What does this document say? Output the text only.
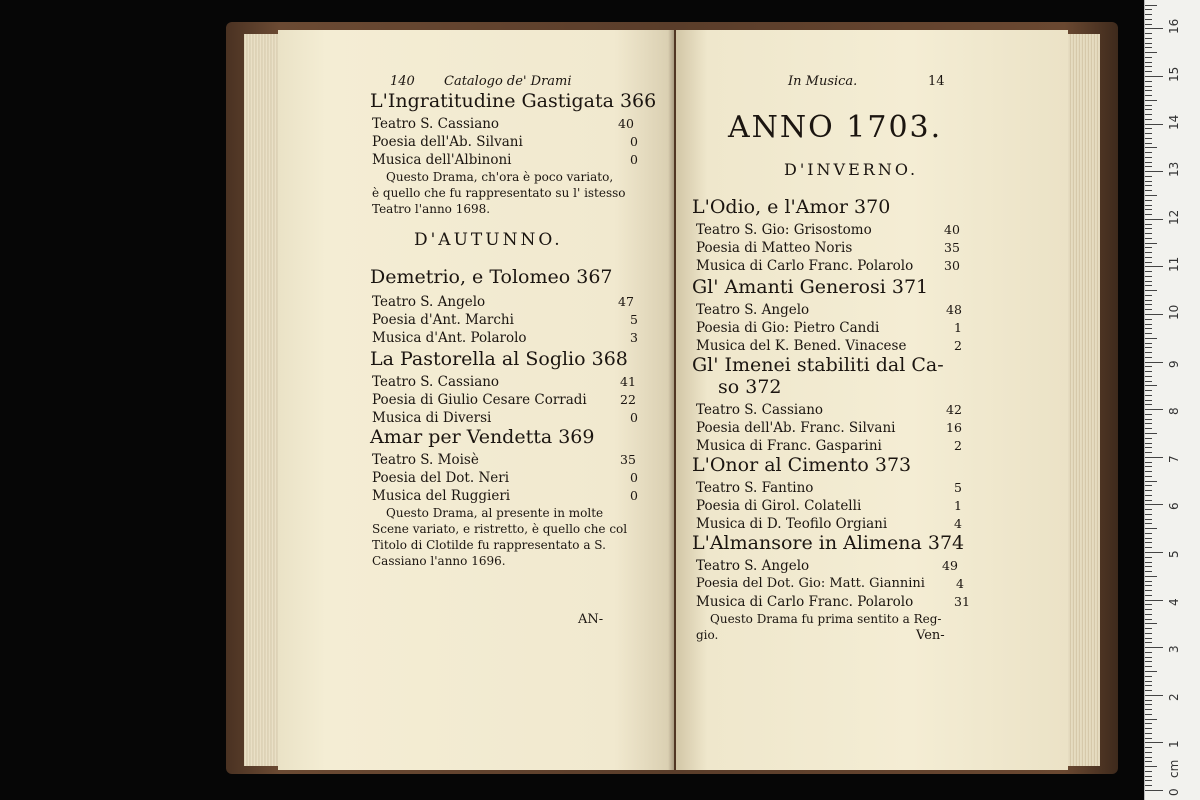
140 Catalogo de' Drami
L'Ingratitudine Gastigata 366
Teatro S. Cassiano	40
Poesia dell'Ab. Silvani	0
Musica dell'Albinoni	0
Questo Drama, ch'ora è poco variato,
è quello che fu rappresentato su l' istesso
Teatro l'anno 1698.
D'AUTUNNO.
Demetrio, e Tolomeo 367
Teatro S. Angelo	47
Poesia d'Ant. Marchi	5
Musica d'Ant. Polarolo	3
La Pastorella al Soglio 368
Teatro S. Cassiano	41
Poesia di Giulio Cesare Corradi	22
Musica di Diversi	0
Amar per Vendetta 369
Teatro S. Moisè	35
Poesia del Dot. Neri	0
Musica del Ruggieri	0
Questo Drama, al presente in molte
Scene variato, e ristretto, è quello che col
Titolo di Clotilde fu rappresentato a S.
Cassiano l'anno 1696.
AN-
In Musica.	14
ANNO 1703.
D'INVERNO.
L'Odio, e l'Amor 370
Teatro S. Gio: Grisostomo	40
Poesia di Matteo Noris	35
Musica di Carlo Franc. Polarolo 30
Gl' Amanti Generosi 371
Teatro S. Angelo	48
Poesia di Gio: Pietro Candi	1
Musica del K. Bened. Vinacese	2
Gl' Imenei stabiliti dal Ca-
so 372
Teatro S. Cassiano	42
Poesia dell'Ab. Franc. Silvani	16
Musica di Franc. Gasparini	2
L'Onor al Cimento 373
Teatro S. Fantino	5
Poesia di Girol. Colatelli	1
Musica di D. Teofilo Orgiani	4
L'Almansore in Alimena 374
Teatro S. Angelo	49
Poesia del Dot. Gio: Matt. Giannini 4
Musica di Carlo Franc. Polarolo	31
Questo Drama fu prima sentito a Reg-
gio.	Ven-
0
1
2
3
4
5
6
7
8
9
10
11
12
13
14
15
16
cm
